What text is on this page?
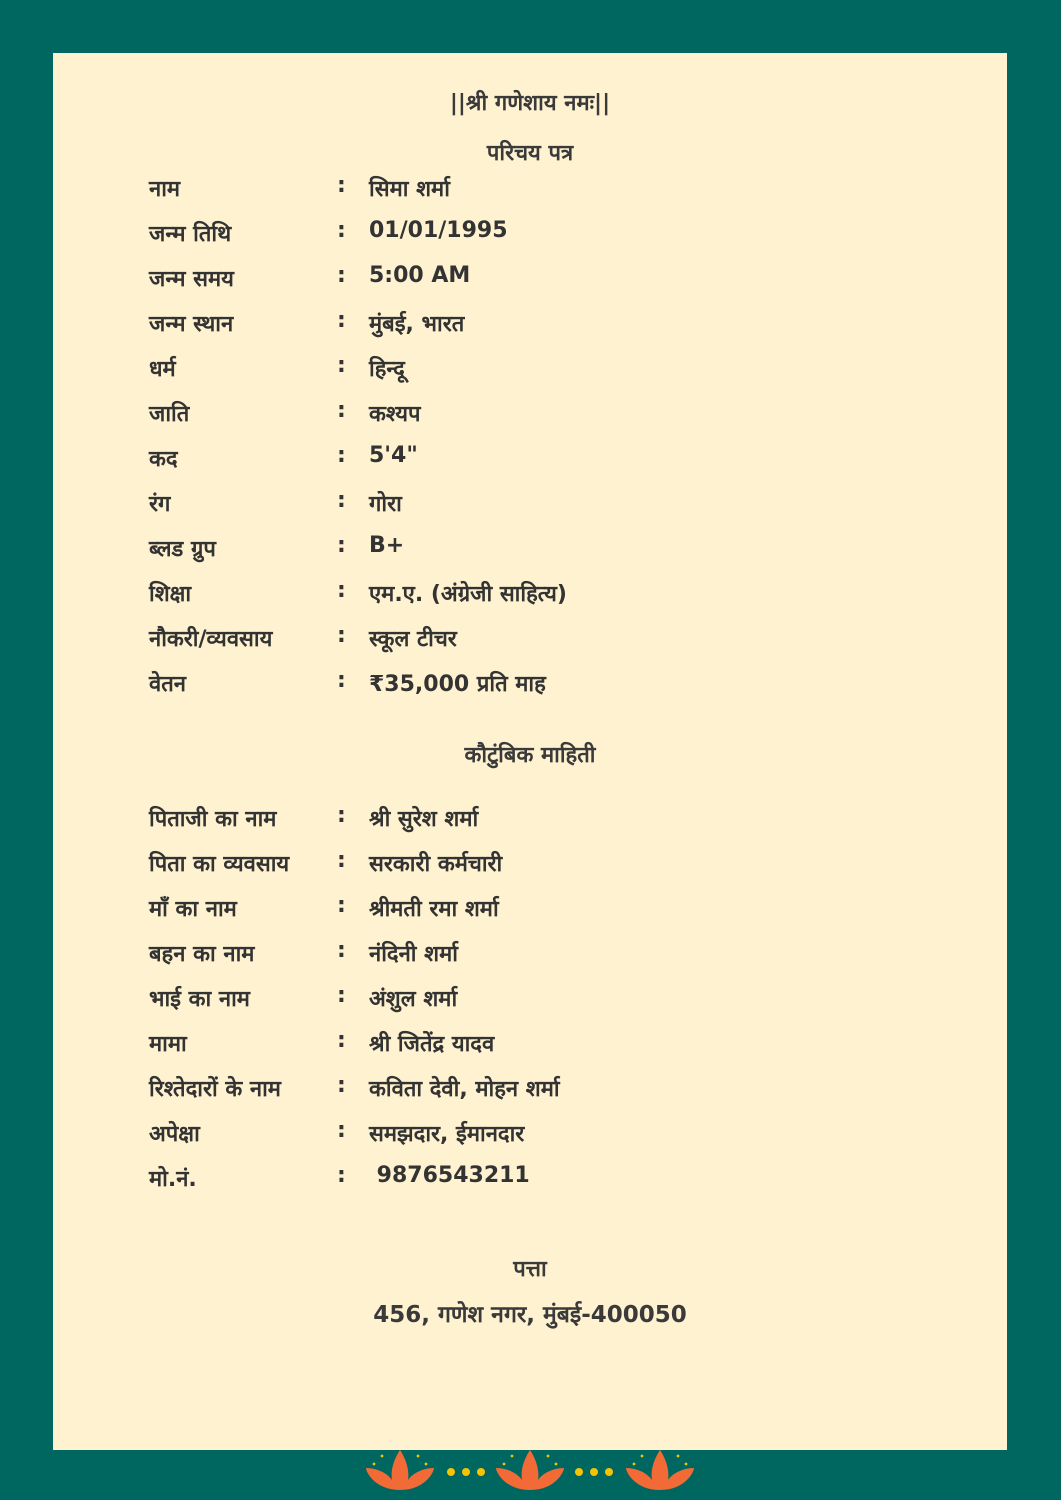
||श्री गणेशाय नमः||
परिचय पत्र
नाम	: सिमा शर्मा
जन्म तिथि	: 01/01/1995
जन्म समय	: 5:00 AM
जन्म स्थान	: मुंबई, भारत
धर्म	: हिन्दू
जाति	: कश्यप
कद	: 5'4"
रंग	: गोरा
ब्लड ग्रुप	: B+
शिक्षा	: एम.ए. (अंग्रेजी साहित्य)
नौकरी/व्यवसाय	: स्कूल टीचर
वेतन	: ₹35,000 प्रति माह
कौटुंबिक माहिती
पिताजी का नाम	: श्री सुरेश शर्मा
पिता का व्यवसाय : सरकारी कर्मचारी
माँ का नाम	: श्रीमती रमा शर्मा
बहन का नाम	: नंदिनी शर्मा
भाई का नाम	: अंशुल शर्मा
मामा	: श्री जितेंद्र यादव
रिश्तेदारों के नाम	: कविता देवी, मोहन शर्मा
अपेक्षा	: समझदार, ईमानदार
मो.नं.	: 9876543211
पत्ता
456, गणेश नगर, मुंबई-400050
